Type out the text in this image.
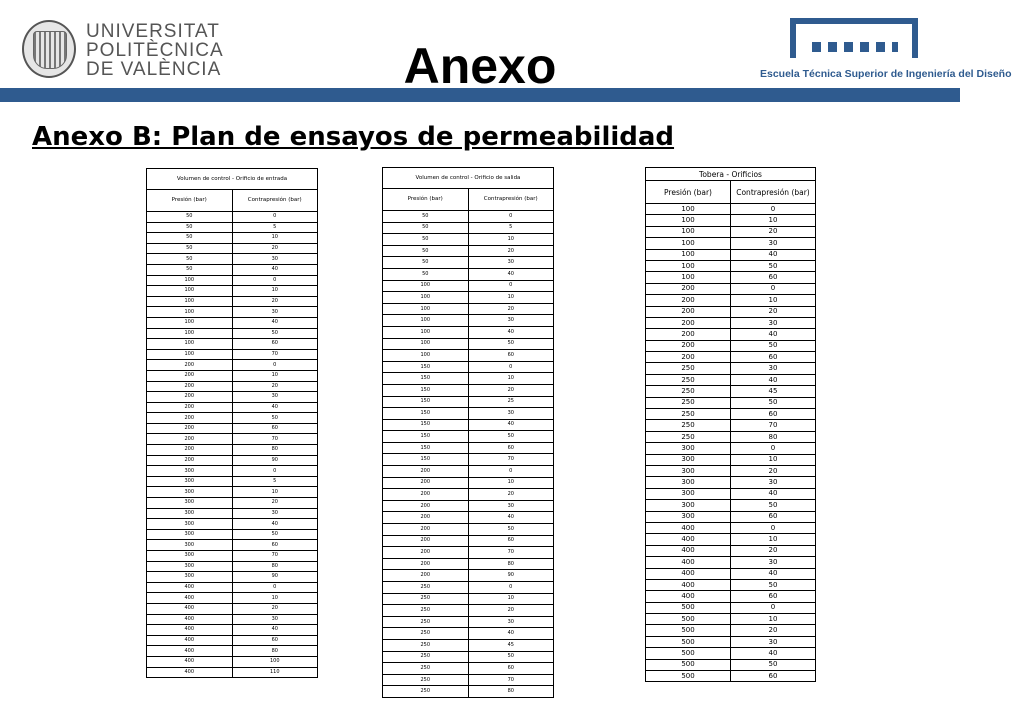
UNIVERSITAT
POLITÈCNICA
DE VALÈNCIA	Anexo	Escuela Técnica Superior de Ingeniería del Diseño
Anexo B: Plan de ensayos de permeabilidad
Volumen de control - Orificio de entrada	
Presión (bar)	Contrapresión (bar)
50	0
50	5
50	10
50	20
50	30
50	40
100	0
100	10
100	20
100	30
100	40
100	50
100	60
100	70
200	0
200	10
200	20
200	30
200	40
200	50
200	60
200	70
200	80
200	90
300	0
300	5
300	10
300	20
300	30
300	40
300	50
300	60
300	70
300	80
300	90
400	0
400	10
400	20
400	30
400	40
400	60
400	80
400	100
400	110
Volumen de control - Orificio de salida	
Presión (bar)	Contrapresión (bar)
50	0
50	5
50	10
50	20
50	30
50	40
100	0
100	10
100	20
100	30
100	40
100	50
100	60
150	0
150	10
150	20
150	25
150	30
150	40
150	50
150	60
150	70
200	0
200	10
200	20
200	30
200	40
200	50
200	60
200	70
200	80
200	90
250	0
250	10
250	20
250	30
250	40
250	45
250	50
250	60
250	70
250	80
Tobera - Orificios	
Presión (bar)	Contrapresión (bar)
100	0
100	10
100	20
100	30
100	40
100	50
100	60
200	0
200	10
200	20
200	30
200	40
200	50
200	60
250	30
250	40
250	45
250	50
250	60
250	70
250	80
300	0
300	10
300	20
300	30
300	40
300	50
300	60
400	0
400	10
400	20
400	30
400	40
400	50
400	60
500	0
500	10
500	20
500	30
500	40
500	50
500	60
